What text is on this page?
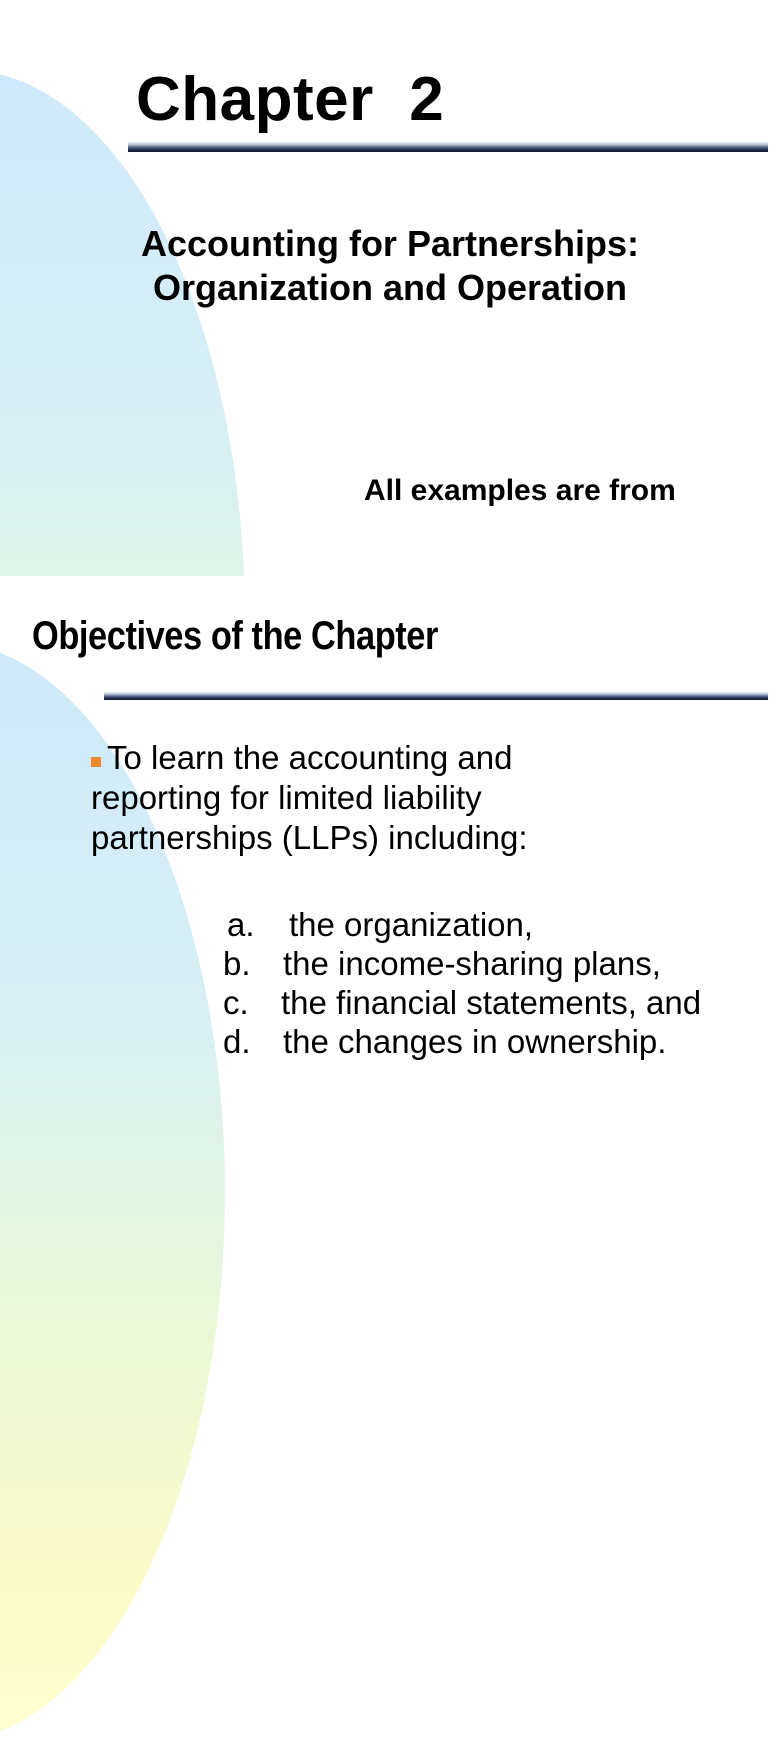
Chapter  2
Accounting for Partnerships:
Organization and Operation

All examples are from

Objectives of the Chapter
To learn the accounting and
reporting for limited liability
partnerships (LLPs) including:

a. the organization,

b. the income-sharing plans,

c. the financial statements, and

d. the changes in ownership.
